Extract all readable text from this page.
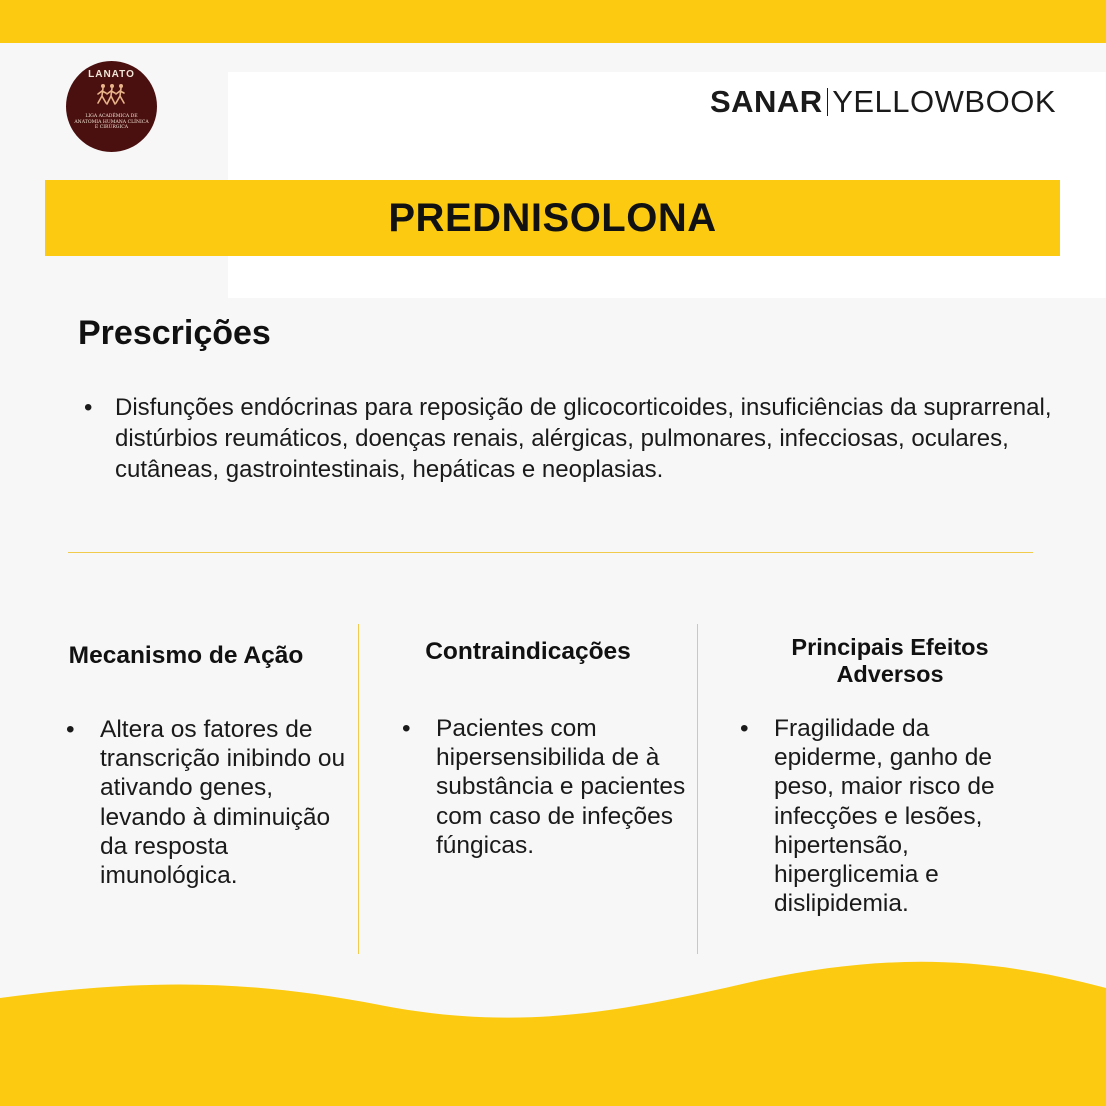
LANATO
LIGA ACADÊMICA DE ANATOMIA HUMANA CLÍNICA E CIRÚRGICA
SANAR YELLOWBOOK
PREDNISOLONA
Prescrições
• Disfunções endócrinas para reposição de glicocorticoides, insuficiências da suprarrenal, distúrbios reumáticos, doenças renais, alérgicas, pulmonares, infecciosas, oculares, cutâneas, gastrointestinais, hepáticas e neoplasias.
Mecanismo de Ação
• Altera os fatores de transcrição inibindo ou ativando genes, levando à diminuição da resposta imunológica.
Contraindicações
• Pacientes com hipersensibilida de à substância e pacientes com caso de infeções fúngicas.
Principais Efeitos Adversos
• Fragilidade da epiderme, ganho de peso, maior risco de infecções e lesões, hipertensão, hiperglicemia e dislipidemia.
